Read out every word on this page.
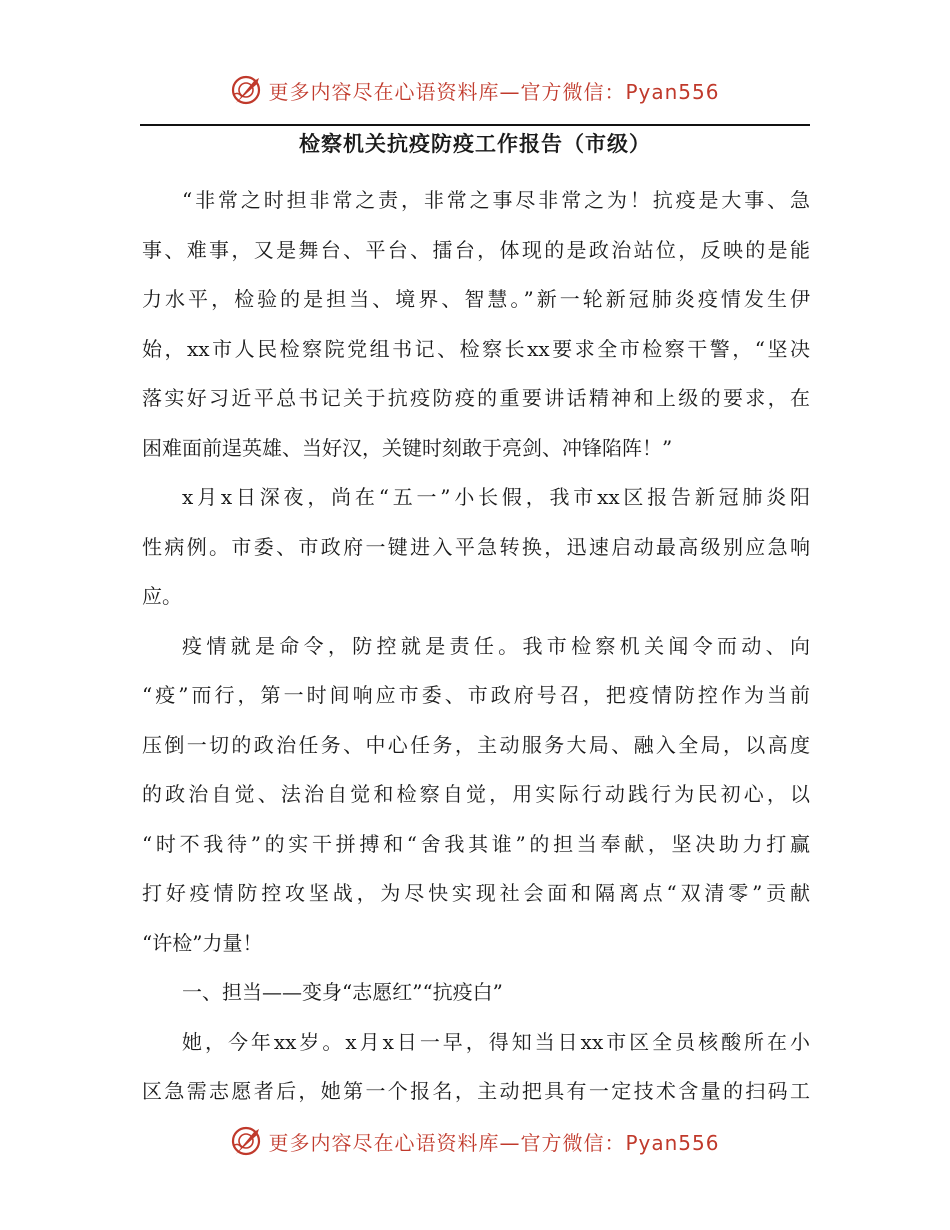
更多内容尽在心语资料库—官方微信：Pyan556
检察机关抗疫防疫工作报告（市级）

“非常之时担非常之责，非常之事尽非常之为！抗疫是大事、急
事、难事，又是舞台、平台、擂台，体现的是政治站位，反映的是能
力水平，检验的是担当、境界、智慧。”新一轮新冠肺炎疫情发生伊
始，xx市人民检察院党组书记、检察长xx要求全市检察干警，“坚决
落实好习近平总书记关于抗疫防疫的重要讲话精神和上级的要求，在
困难面前逞英雄、当好汉，关键时刻敢于亮剑、冲锋陷阵！”

x月x日深夜，尚在“五一”小长假，我市xx区报告新冠肺炎阳
性病例。市委、市政府一键进入平急转换，迅速启动最高级别应急响
应。

疫情就是命令，防控就是责任。我市检察机关闻令而动、向
“疫”而行，第一时间响应市委、市政府号召，把疫情防控作为当前
压倒一切的政治任务、中心任务，主动服务大局、融入全局，以高度
的政治自觉、法治自觉和检察自觉，用实际行动践行为民初心，以
“时不我待”的实干拼搏和“舍我其谁”的担当奉献，坚决助力打赢
打好疫情防控攻坚战，为尽快实现社会面和隔离点“双清零”贡献
“许检”力量！

一、担当——变身“志愿红”“抗疫白”

她，今年xx岁。x月x日一早，得知当日xx市区全员核酸所在小
区急需志愿者后，她第一个报名，主动把具有一定技术含量的扫码工

更多内容尽在心语资料库—官方微信：Pyan556
